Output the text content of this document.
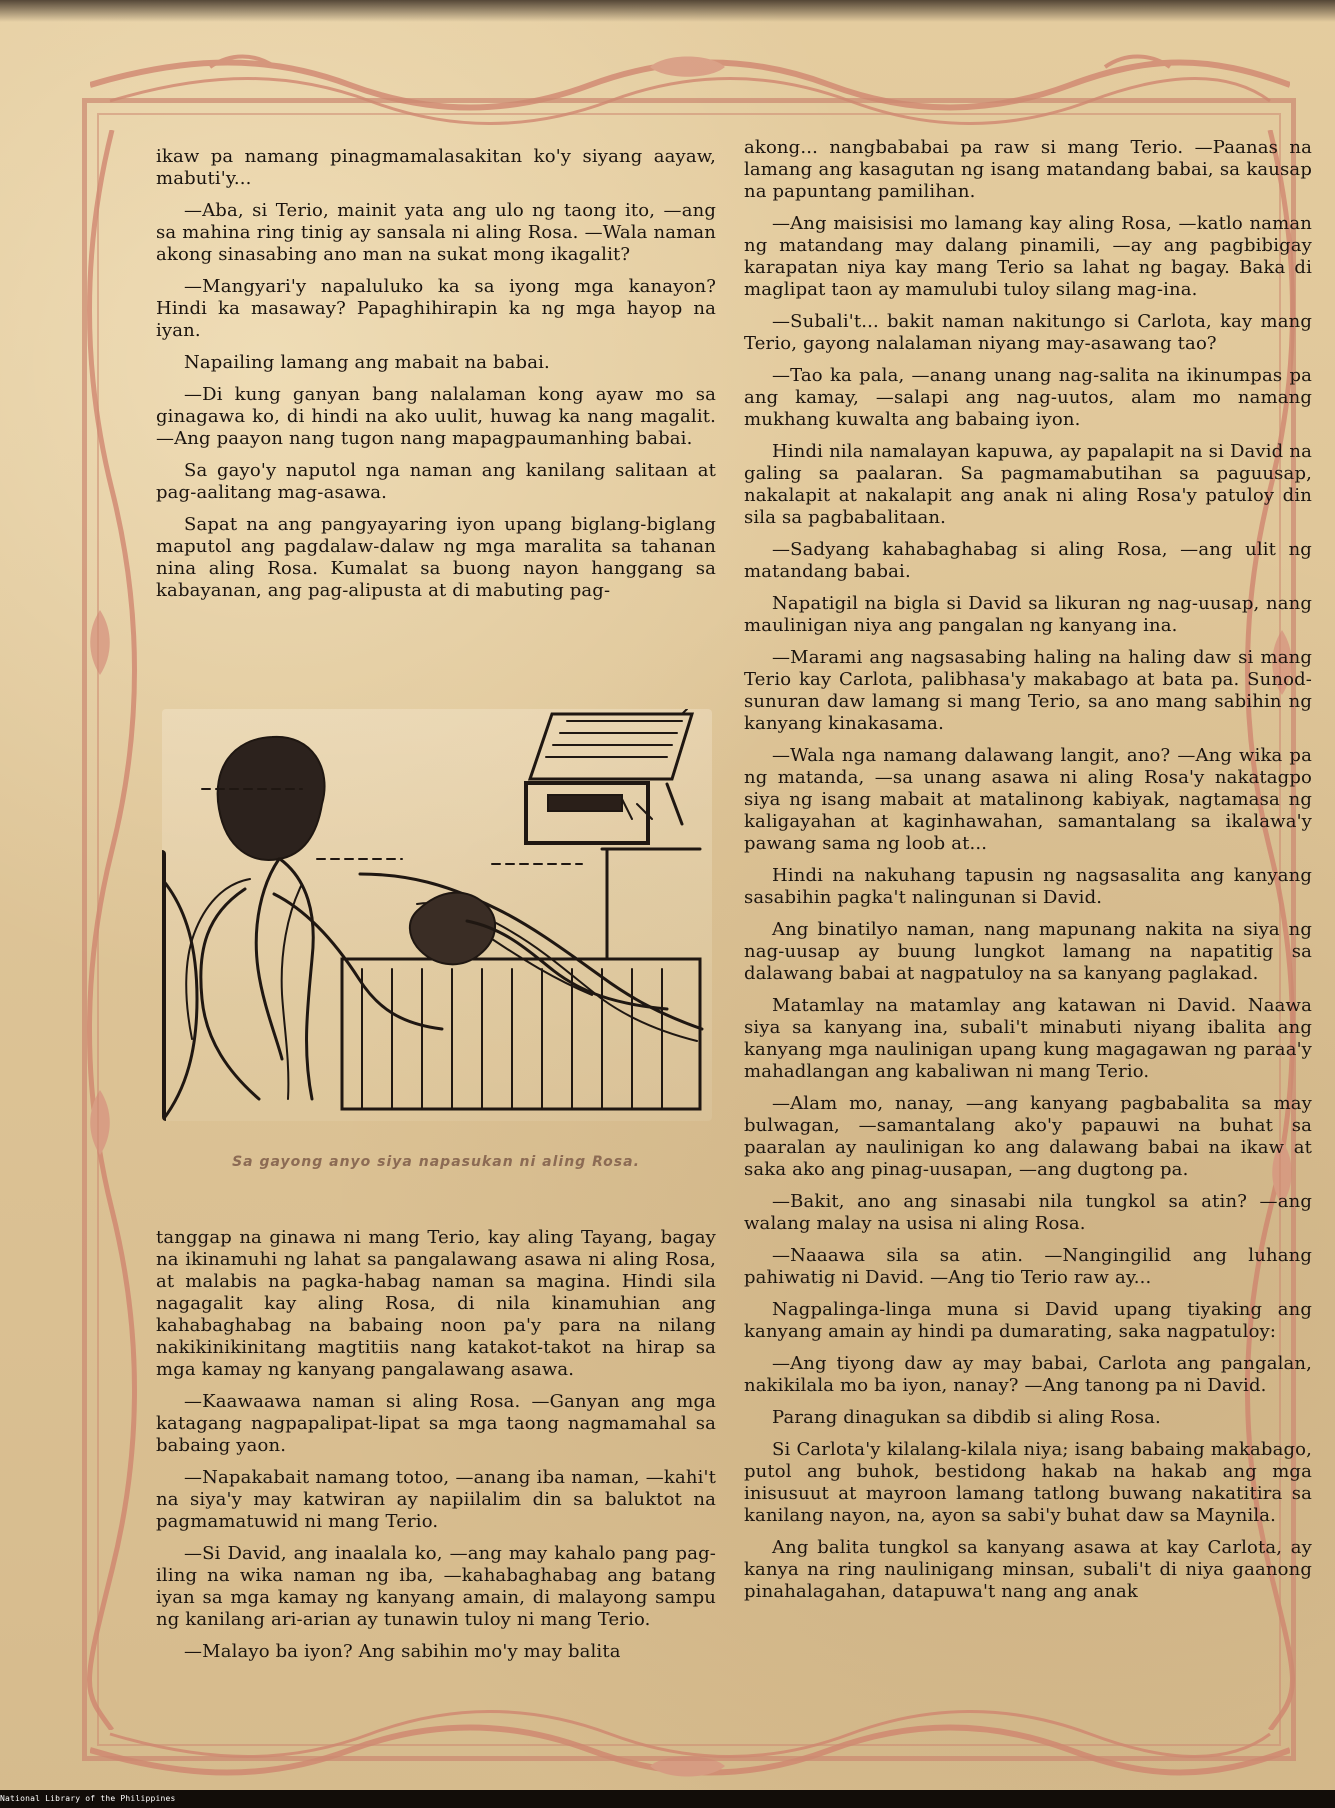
ikaw pa namang pinagmamalasakitan ko'y siyang aayaw, mabuti'y...

—Aba, si Terio, mainit yata ang ulo ng taong ito, —ang sa mahina ring tinig ay sansala ni aling Rosa. —Wala naman akong sinasabing ano man na sukat mong ikagalit?

—Mangyari'y napaluluko ka sa iyong mga kanayon? Hindi ka masaway? Papaghihirapin ka ng mga hayop na iyan.

Napailing lamang ang mabait na babai.

—Di kung ganyan bang nalalaman kong ayaw mo sa ginagawa ko, di hindi na ako uulit, huwag ka nang magalit. —Ang paayon nang tugon nang mapagpaumanhing babai.

Sa gayo'y naputol nga naman ang kanilang salitaan at pag-aalitang mag-asawa.

Sapat na ang pangyayaring iyon upang biglang-biglang maputol ang pagdalaw-dalaw ng mga maralita sa tahanan nina aling Rosa. Kumalat sa buong nayon hanggang sa kabayanan, ang pag-alipusta at di mabuting pag-

Sa gayong anyo siya napasukan ni aling Rosa.

tanggap na ginawa ni mang Terio, kay aling Tayang, bagay na ikinamuhi ng lahat sa pangalawang asawa ni aling Rosa, at malabis na pagka-habag naman sa magina. Hindi sila nagagalit kay aling Rosa, di nila kinamuhian ang kahabaghabag na babaing noon pa'y para na nilang nakikinikinitang magtitiis nang katakot-takot na hirap sa mga kamay ng kanyang pangalawang asawa.

—Kaawaawa naman si aling Rosa. —Ganyan ang mga katagang nagpapalipat-lipat sa mga taong nagmamahal sa babaing yaon.

—Napakabait namang totoo, —anang iba naman, —kahi't na siya'y may katwiran ay napiilalim din sa baluktot na pagmamatuwid ni mang Terio.

—Si David, ang inaalala ko, —ang may kahalo pang pag-iling na wika naman ng iba, —kahabaghabag ang batang iyan sa mga kamay ng kanyang amain, di malayong sampu ng kanilang ari-arian ay tunawin tuloy ni mang Terio.

—Malayo ba iyon? Ang sabihin mo'y may balita

akong... nangbababai pa raw si mang Terio. —Paanas na lamang ang kasagutan ng isang matandang babai, sa kausap na papuntang pamilihan.

—Ang maisisisi mo lamang kay aling Rosa, —katlo naman ng matandang may dalang pinamili, —ay ang pagbibigay karapatan niya kay mang Terio sa lahat ng bagay. Baka di maglipat taon ay mamulubi tuloy silang mag-ina.

—Subali't... bakit naman nakitungo si Carlota, kay mang Terio, gayong nalalaman niyang may-asawang tao?

—Tao ka pala, —anang unang nag-salita na ikinumpas pa ang kamay, —salapi ang nag-uutos, alam mo namang mukhang kuwalta ang babaing iyon.

Hindi nila namalayan kapuwa, ay papalapit na si David na galing sa paalaran. Sa pagmamabutihan sa paguusap, nakalapit at nakalapit ang anak ni aling Rosa'y patuloy din sila sa pagbabalitaan.

—Sadyang kahabaghabag si aling Rosa, —ang ulit ng matandang babai.

Napatigil na bigla si David sa likuran ng nag-uusap, nang maulinigan niya ang pangalan ng kanyang ina.

—Marami ang nagsasabing haling na haling daw si mang Terio kay Carlota, palibhasa'y makabago at bata pa. Sunod-sunuran daw lamang si mang Terio, sa ano mang sabihin ng kanyang kinakasama.

—Wala nga namang dalawang langit, ano? —Ang wika pa ng matanda, —sa unang asawa ni aling Rosa'y nakatagpo siya ng isang mabait at matalinong kabiyak, nagtamasa ng kaligayahan at kaginhawahan, samantalang sa ikalawa'y pawang sama ng loob at...

Hindi na nakuhang tapusin ng nagsasalita ang kanyang sasabihin pagka't nalingunan si David.

Ang binatilyo naman, nang mapunang nakita na siya ng nag-uusap ay buung lungkot lamang na napatitig sa dalawang babai at nagpatuloy na sa kanyang paglakad.

Matamlay na matamlay ang katawan ni David. Naawa siya sa kanyang ina, subali't minabuti niyang ibalita ang kanyang mga naulinigan upang kung magagawan ng paraa'y mahadlangan ang kabaliwan ni mang Terio.

—Alam mo, nanay, —ang kanyang pagbabalita sa may bulwagan, —samantalang ako'y papauwi na buhat sa paaralan ay naulinigan ko ang dalawang babai na ikaw at saka ako ang pinag-uusapan, —ang dugtong pa.

—Bakit, ano ang sinasabi nila tungkol sa atin? —ang walang malay na usisa ni aling Rosa.

—Naaawa sila sa atin. —Nangingilid ang luhang pahiwatig ni David. —Ang tio Terio raw ay...

Nagpalinga-linga muna si David upang tiyaking ang kanyang amain ay hindi pa dumarating, saka nagpatuloy:

—Ang tiyong daw ay may babai, Carlota ang pangalan, nakikilala mo ba iyon, nanay? —Ang tanong pa ni David.

Parang dinagukan sa dibdib si aling Rosa.

Si Carlota'y kilalang-kilala niya; isang babaing makabago, putol ang buhok, bestidong hakab na hakab ang mga inisusuut at mayroon lamang tatlong buwang nakatitira sa kanilang nayon, na, ayon sa sabi'y buhat daw sa Maynila.

Ang balita tungkol sa kanyang asawa at kay Carlota, ay kanya na ring naulinigang minsan, subali't di niya gaanong pinahalagahan, datapuwa't nang ang anak

National Library of the Philippines
